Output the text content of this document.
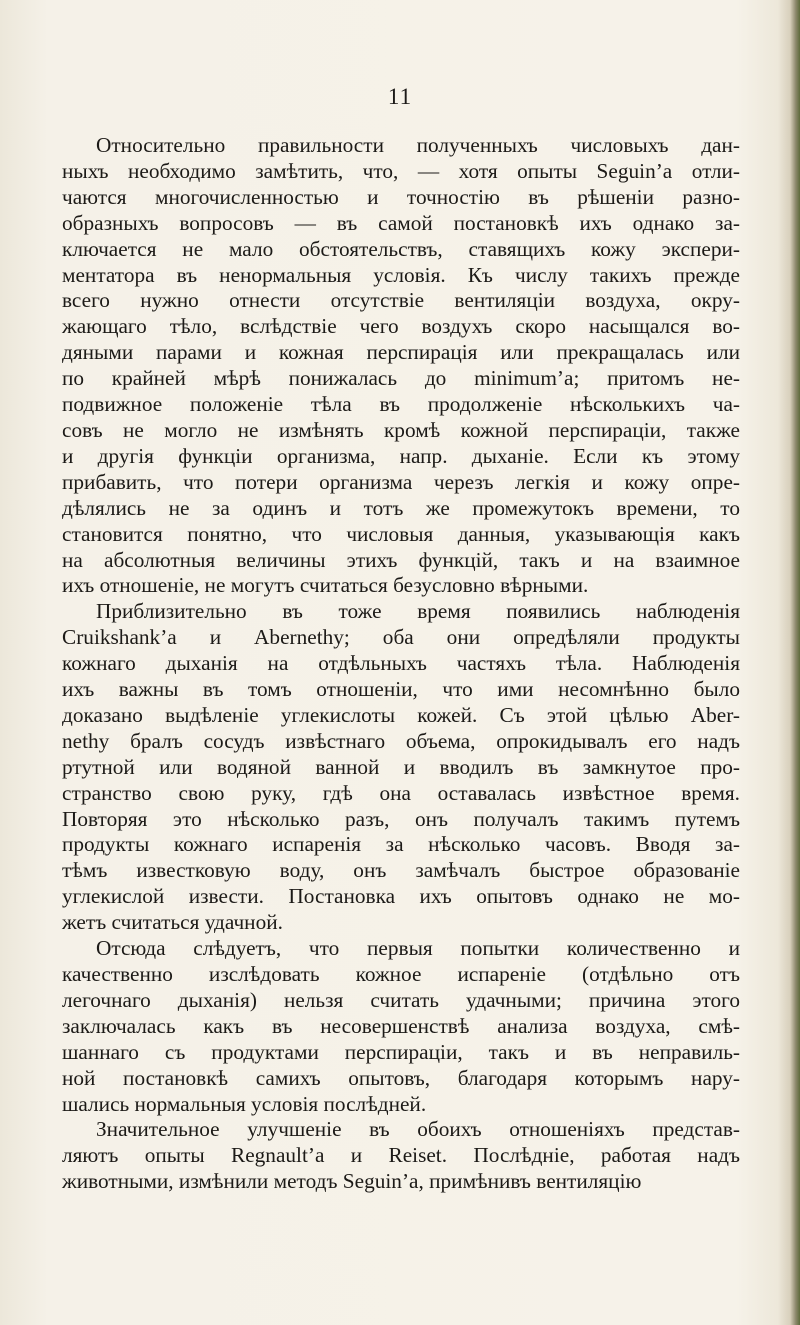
11
Относительно правильности полученныхъ числовыхъ дан-
ныхъ необходимо замѣтить, что, — хотя опыты Seguin’a отли-
чаются многочисленностью и точностію въ рѣшеніи разно-
образныхъ вопросовъ — въ самой постановкѣ ихъ однако за-
ключается не мало обстоятельствъ, ставящихъ кожу экспери-
ментатора въ ненормальныя условія. Къ числу такихъ прежде
всего нужно отнести отсутствіе вентиляціи воздуха, окру-
жающаго тѣло, вслѣдствіе чего воздухъ скоро насыщался во-
дяными парами и кожная перспирація или прекращалась или
по крайней мѣрѣ понижалась до minimum’a; притомъ не-
подвижное положеніе тѣла въ продолженіе нѣсколькихъ ча-
совъ не могло не измѣнять кромѣ кожной перспираціи, также
и другія функціи организма, напр. дыханіе. Если къ этому
прибавить, что потери организма черезъ легкія и кожу опре-
дѣлялись не за одинъ и тотъ же промежутокъ времени, то
становится понятно, что числовыя данныя, указывающія какъ
на абсолютныя величины этихъ функцій, такъ и на взаимное
ихъ отношеніе, не могутъ считаться безусловно вѣрными.
Приблизительно въ тоже время появились наблюденія
Cruikshank’a и Abernethy; оба они опредѣляли продукты
кожнаго дыханія на отдѣльныхъ частяхъ тѣла. Наблюденія
ихъ важны въ томъ отношеніи, что ими несомнѣнно было
доказано выдѣленіе углекислоты кожей. Съ этой цѣлью Aber-
nethy бралъ сосудъ извѣстнаго объема, опрокидывалъ его надъ
ртутной или водяной ванной и вводилъ въ замкнутое про-
странство свою руку, гдѣ она оставалась извѣстное время.
Повторяя это нѣсколько разъ, онъ получалъ такимъ путемъ
продукты кожнаго испаренія за нѣсколько часовъ. Вводя за-
тѣмъ известковую воду, онъ замѣчалъ быстрое образованіе
углекислой извести. Постановка ихъ опытовъ однако не мо-
жетъ считаться удачной.
Отсюда слѣдуетъ, что первыя попытки количественно и
качественно изслѣдовать кожное испареніе (отдѣльно отъ
легочнаго дыханія) нельзя считать удачными; причина этого
заключалась какъ въ несовершенствѣ анализа воздуха, смѣ-
шаннаго съ продуктами перспираціи, такъ и въ неправиль-
ной постановкѣ самихъ опытовъ, благодаря которымъ нару-
шались нормальныя условія послѣдней.
Значительное улучшеніе въ обоихъ отношеніяхъ представ-
ляютъ опыты Regnault’a и Reiset. Послѣдніе, работая надъ
животными, измѣнили методъ Seguin’a, примѣнивъ вентиляцію
